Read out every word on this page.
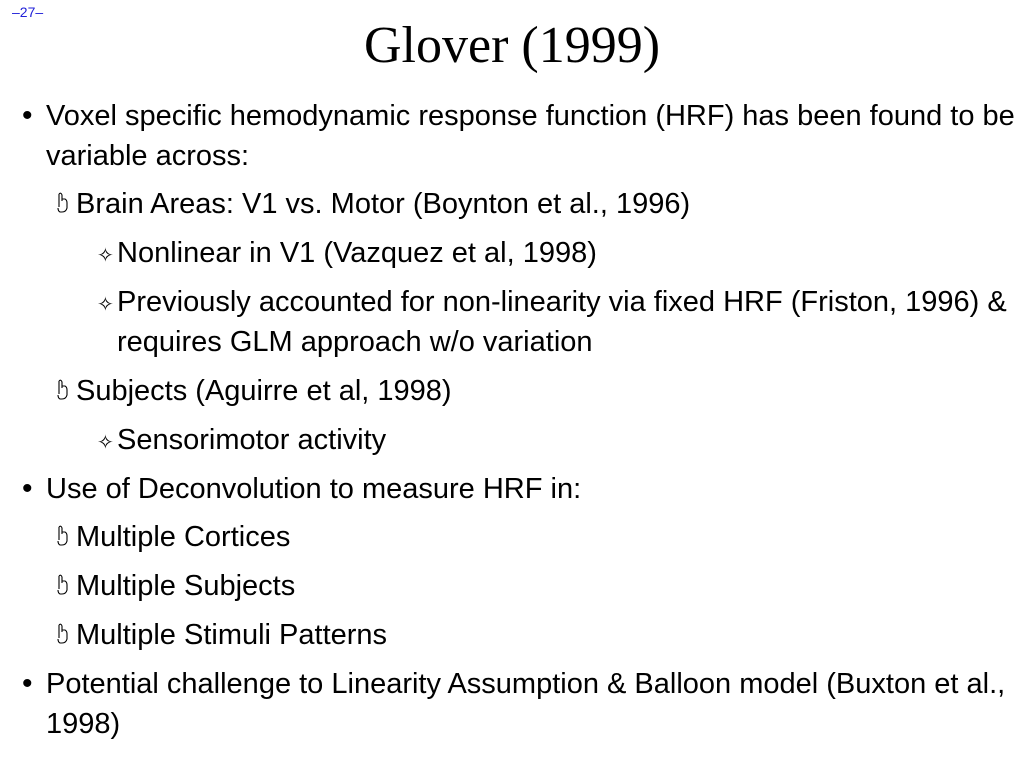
–27–
Glover (1999)
• Voxel specific hemodynamic response function (HRF) has been found to be variable across:
Brain Areas: V1 vs. Motor (Boynton et al., 1996)
✧ Nonlinear in V1 (Vazquez et al, 1998)
✧ Previously accounted for non-linearity via fixed HRF (Friston, 1996) & requires GLM approach w/o variation
Subjects (Aguirre et al, 1998)
✧ Sensorimotor activity
• Use of Deconvolution to measure HRF in:
Multiple Cortices
Multiple Subjects
Multiple Stimuli Patterns
• Potential challenge to Linearity Assumption & Balloon model (Buxton et al., 1998)
